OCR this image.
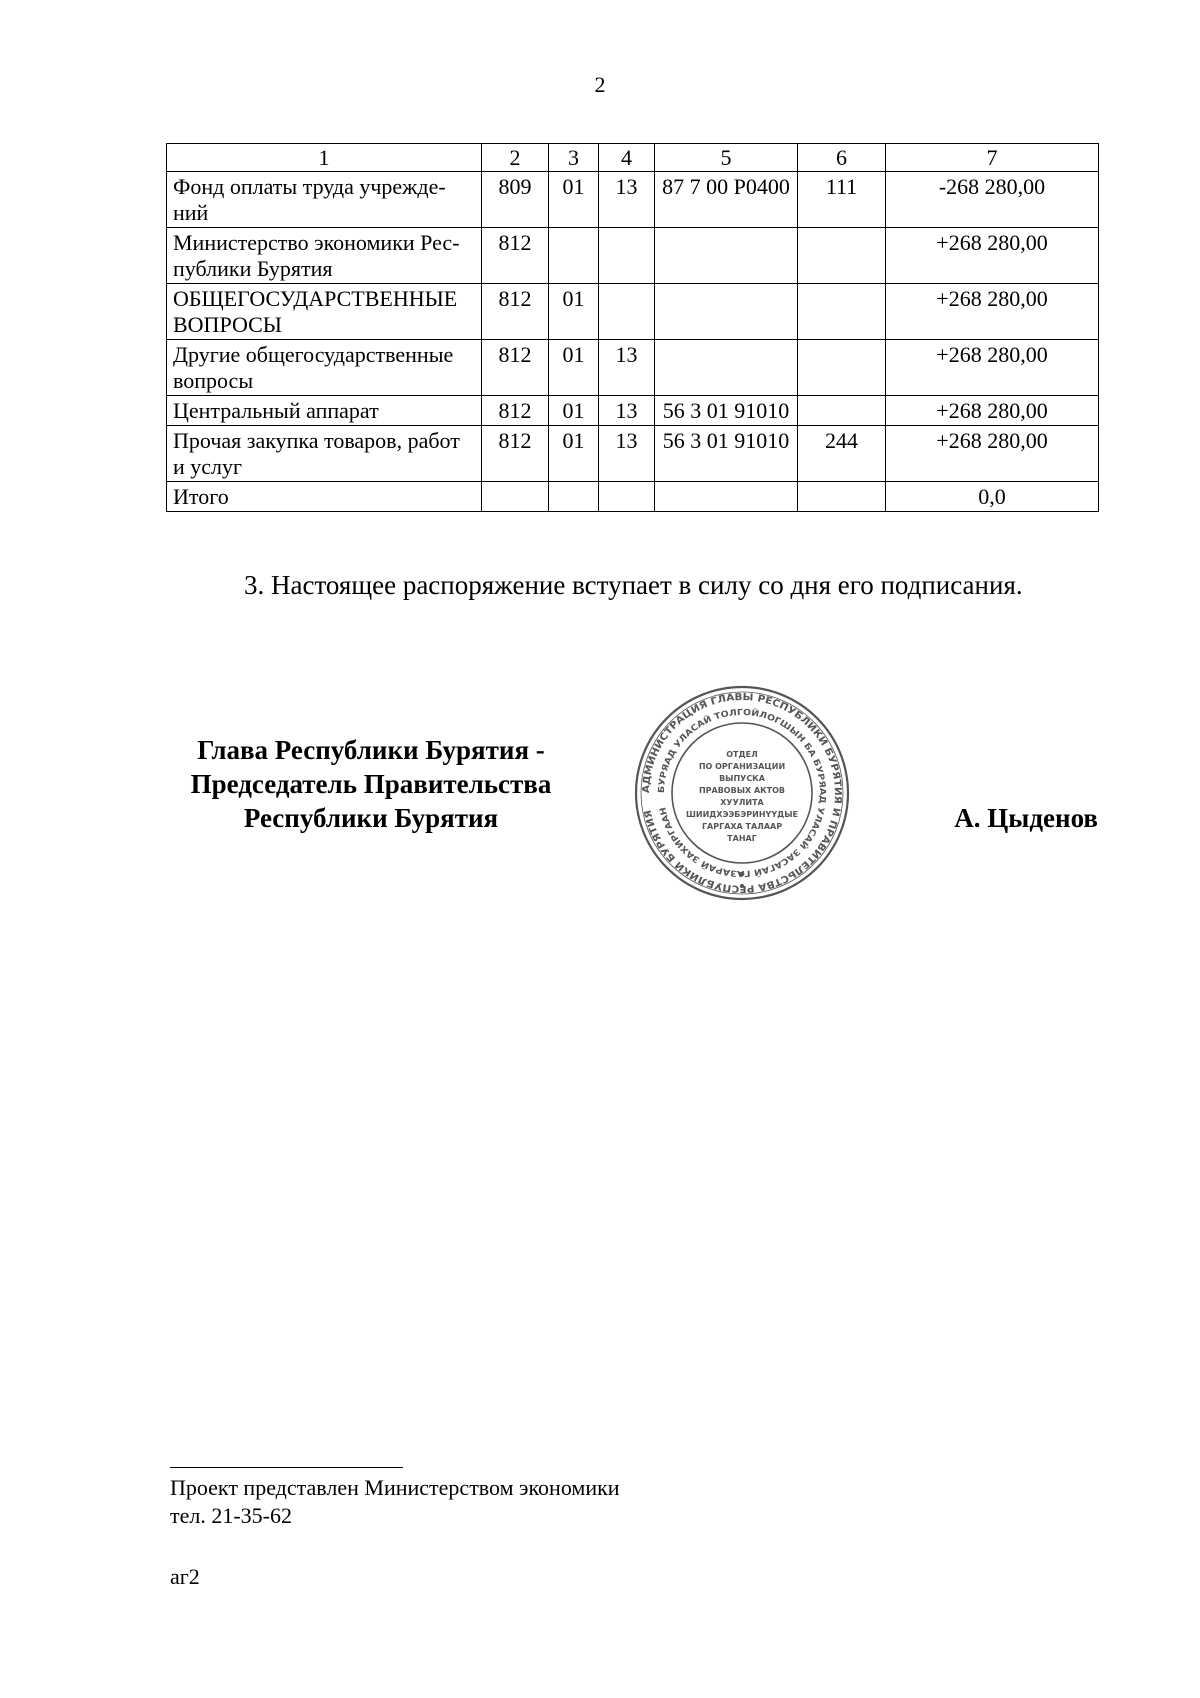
2
1	2	3	4	5	6	7
Фонд оплаты труда учрежде-ний	809	01	13	87 7 00 P0400	111	-268 280,00
Министерство экономики Рес-публики Бурятия	812					+268 280,00
ОБЩЕГОСУДАРСТВЕННЫЕ ВОПРОСЫ	812	01				+268 280,00
Другие общегосударственные вопросы	812	01	13			+268 280,00
Центральный аппарат	812	01	13	56 3 01 91010		+268 280,00
Прочая закупка товаров, работ и услуг	812	01	13	56 3 01 91010	244	+268 280,00
Итого						0,0
3. Настоящее распоряжение вступает в силу со дня его подписания.
Глава Республики Бурятия -
Председатель Правительства
Республики Бурятия
АДМИНИСТРАЦИЯ ГЛАВЫ РЕСПУБЛИКИ БУРЯТИЯ И ПРАВИТЕЛЬСТВА РЕСПУБЛИКИ БУРЯТИЯ
БУРЯАД УЛАСАЙ ТОЛГОЙЛОГШЫН БА БУРЯАД УЛАСАЙ ЗАСАГАЙ Г ЗАРАЙ ЗАХИРГААН
ОТДЕЛ
ПО ОРГАНИЗАЦИИ
ВЫПУСКА
ПРАВОВЫХ АКТОВ
ХУУЛИТА
ШИИДХЭЭБЭРИНҮҮДЫЕ
ГАРГАХА ТАЛААР
ТАНАГ
А. Цыденов
Проект представлен Министерством экономики
тел. 21-35-62
аг2
